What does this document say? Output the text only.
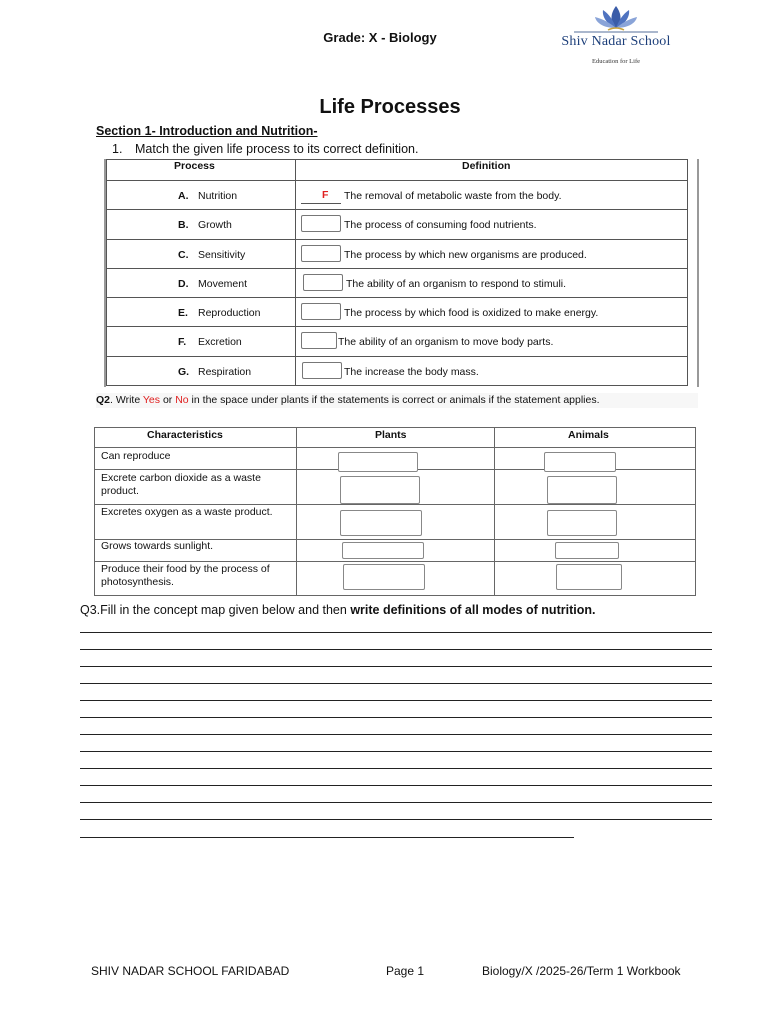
Grade: X - Biology	Shiv Nadar School
Education for Life
Life Processes
Section 1- Introduction and Nutrition-
1. Match the given life process to its correct definition.
Process	Definition
A. Nutrition	F The removal of metabolic waste from the body.
B. Growth	The process of consuming food nutrients.
C. Sensitivity	The process by which new organisms are produced.
D. Movement	The ability of an organism to respond to stimuli.
E. Reproduction	The process by which food is oxidized to make energy.
F. Excretion	The ability of an organism to move body parts.
G. Respiration	The increase the body mass.
Q2. Write Yes or No in the space under plants if the statements is correct or animals if the statement applies.
Characteristics	Plants	Animals
Can reproduce
Excrete carbon dioxide as a waste product.
Excretes oxygen as a waste product.
Grows towards sunlight.
Produce their food by the process of photosynthesis.
Q3.Fill in the concept map given below and then write definitions of all modes of nutrition.
SHIV NADAR SCHOOL FARIDABAD	Page 1	Biology/X /2025-26/Term 1 Workbook
